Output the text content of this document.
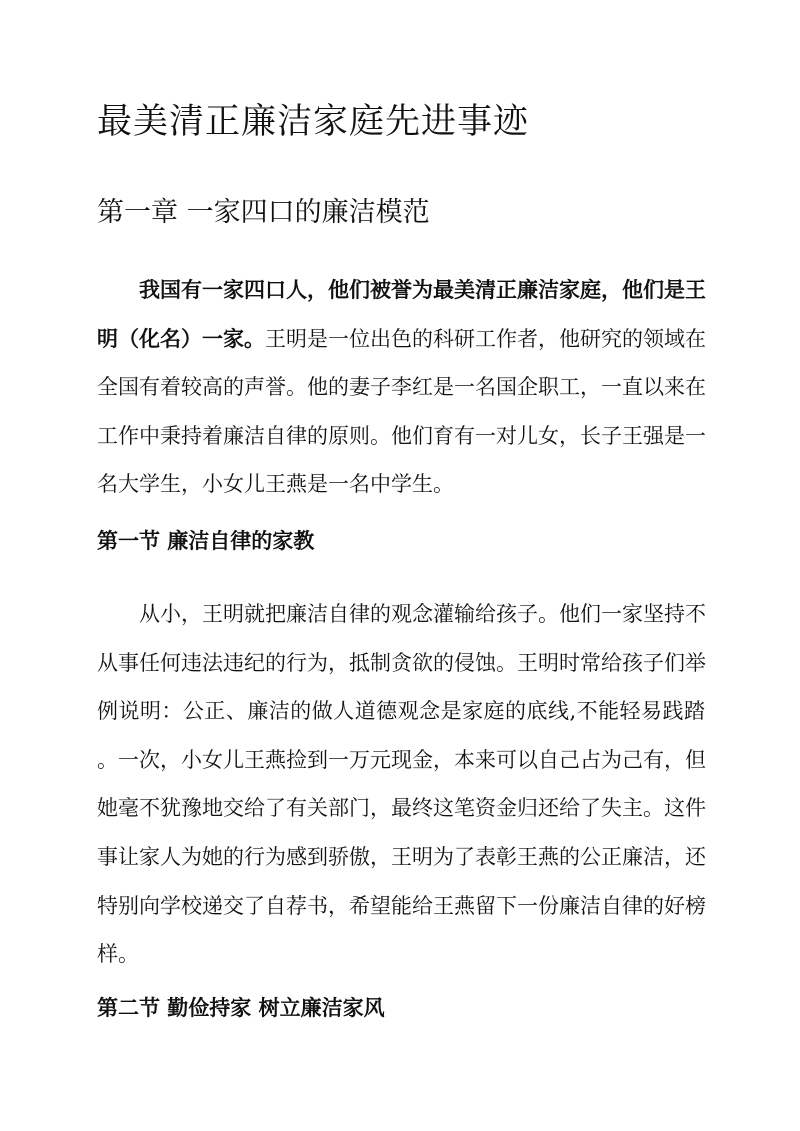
最美清正廉洁家庭先进事迹
第一章 一家四口的廉洁模范
我国有一家四口人，他们被誉为最美清正廉洁家庭，他们是王
明（化名）一家。王明是一位出色的科研工作者，他研究的领域在
全国有着较高的声誉。他的妻子李红是一名国企职工，一直以来在
工作中秉持着廉洁自律的原则。他们育有一对儿女，长子王强是一
名大学生，小女儿王燕是一名中学生。
第一节 廉洁自律的家教
从小，王明就把廉洁自律的观念灌输给孩子。他们一家坚持不
从事任何违法违纪的行为，抵制贪欲的侵蚀。王明时常给孩子们举
例说明：公正、廉洁的做人道德观念是家庭的底线,不能轻易践踏
。一次，小女儿王燕捡到一万元现金，本来可以自己占为己有，但
她毫不犹豫地交给了有关部门，最终这笔资金归还给了失主。这件
事让家人为她的行为感到骄傲，王明为了表彰王燕的公正廉洁，还
特别向学校递交了自荐书，希望能给王燕留下一份廉洁自律的好榜
样。
第二节 勤俭持家 树立廉洁家风
